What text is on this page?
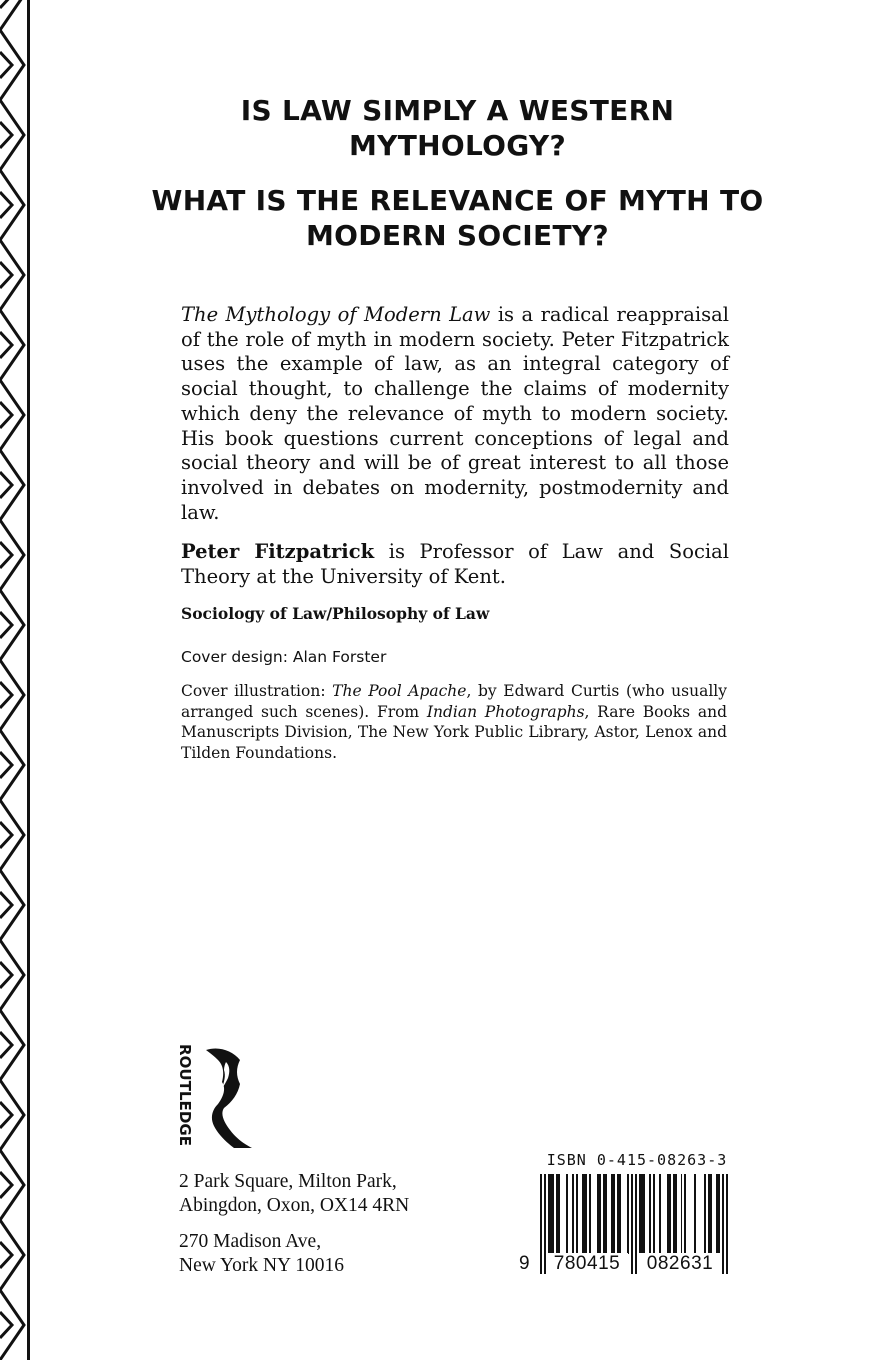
IS LAW SIMPLY A WESTERN MYTHOLOGY?
WHAT IS THE RELEVANCE OF MYTH TO MODERN SOCIETY?

The Mythology of Modern Law is a radical reappraisal of the role of myth in modern society. Peter Fitzpatrick uses the example of law, as an integral category of social thought, to challenge the claims of modernity which deny the relevance of myth to modern society. His book questions current conceptions of legal and social theory and will be of great interest to all those involved in debates on modernity, postmodernity and law.

Peter Fitzpatrick is Professor of Law and Social Theory at the University of Kent.

Sociology of Law/Philosophy of Law

Cover design: Alan Forster

Cover illustration: The Pool Apache, by Edward Curtis (who usually arranged such scenes). From Indian Photographs, Rare Books and Manuscripts Division, The New York Public Library, Astor, Lenox and Tilden Foundations.

ROUTLEDGE
2 Park Square, Milton Park,
Abingdon, Oxon, OX14 4RN
270 Madison Ave,
New York NY 10016

ISBN 0-415-08263-3

9	780415	082631
